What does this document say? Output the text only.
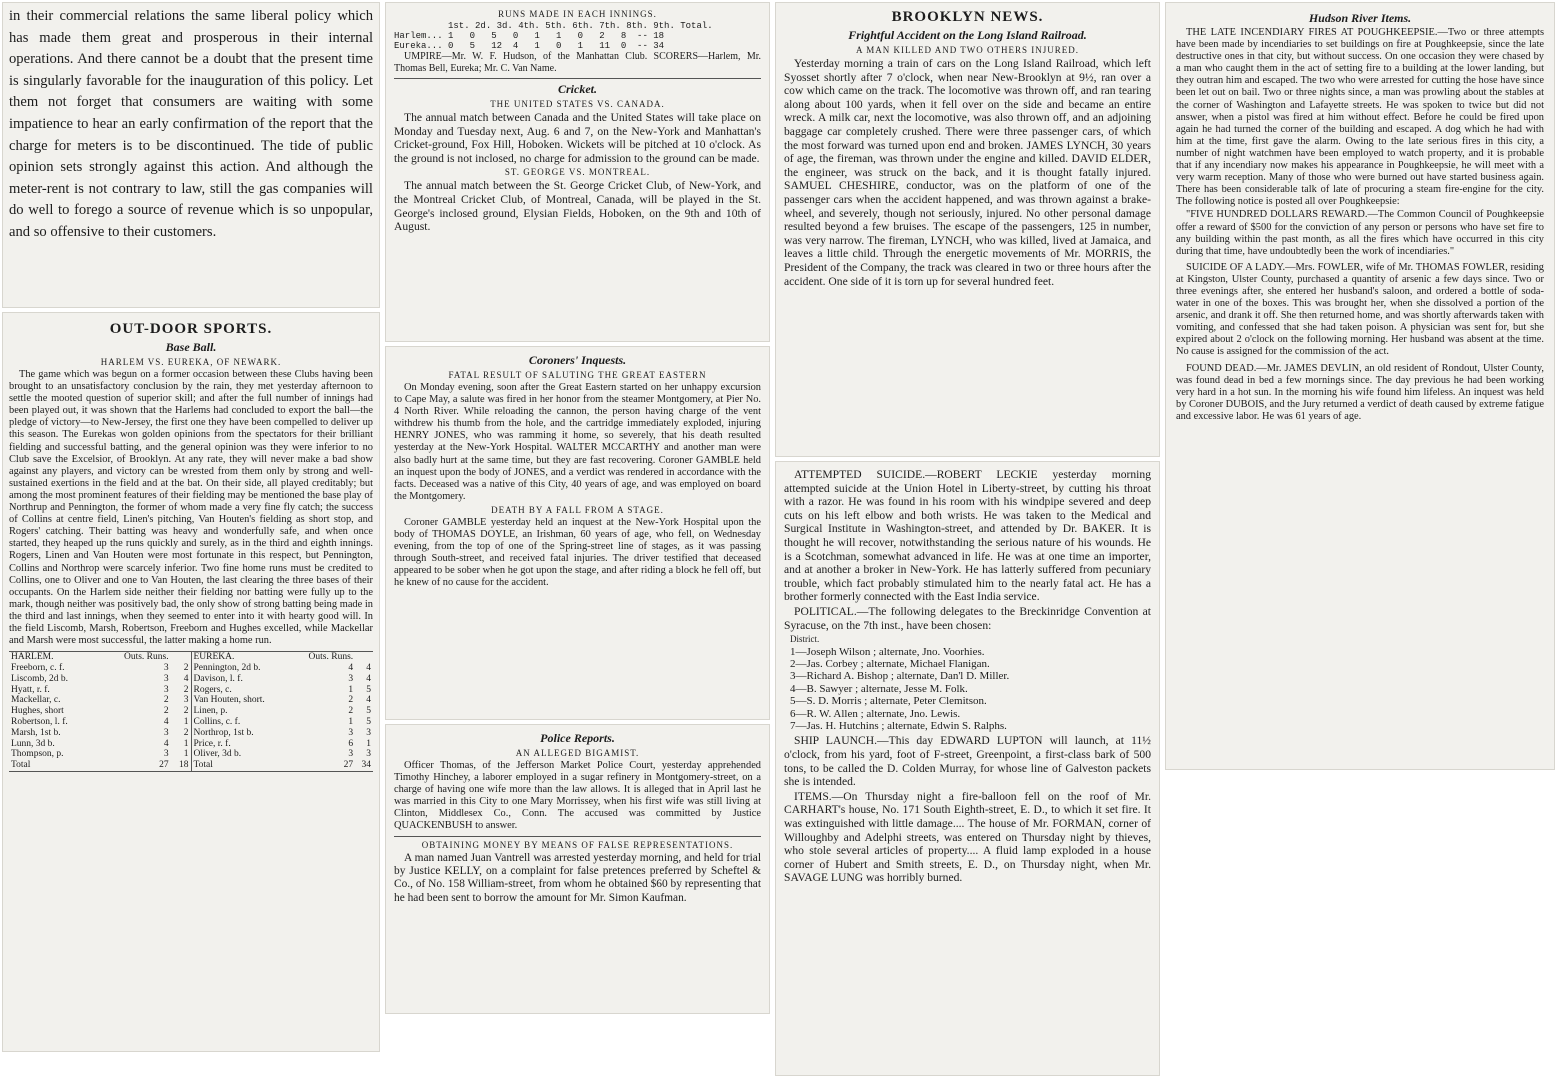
in their commercial relations the same liberal policy which has made them great and prosperous in their internal operations. And there cannot be a doubt that the present time is singularly favorable for the inauguration of this policy. Let them not forget that consumers are waiting with some impatience to hear an early confirmation of the report that the charge for meters is to be discontinued. The tide of public opinion sets strongly against this action. And although the meter-rent is not contrary to law, still the gas companies will do well to forego a source of revenue which is so unpopular, and so offensive to their customers.

OUT-DOOR SPORTS.
Base Ball.
HARLEM VS. EUREKA, OF NEWARK.

The game which was begun on a former occasion between these Clubs having been brought to an unsatisfactory conclusion by the rain, they met yesterday afternoon to settle the mooted question of superior skill; and after the full number of innings had been played out, it was shown that the Harlems had concluded to export the ball—the pledge of victory—to New-Jersey, the first one they have been compelled to deliver up this season. The Eurekas won golden opinions from the spectators for their brilliant fielding and successful batting, and the general opinion was they were inferior to no Club save the Excelsior, of Brooklyn. At any rate, they will never make a bad show against any players, and victory can be wrested from them only by strong and well-sustained exertions in the field and at the bat. On their side, all played creditably; but among the most prominent features of their fielding may be mentioned the base play of Northrup and Pennington, the former of whom made a very fine fly catch; the success of Collins at centre field, Linen's pitching, Van Houten's fielding as short stop, and Rogers' catching. Their batting was heavy and wonderfully safe, and when once started, they heaped up the runs quickly and surely, as in the third and eighth innings. Rogers, Linen and Van Houten were most fortunate in this respect, but Pennington, Collins and Northrop were scarcely inferior. Two fine home runs must be credited to Collins, one to Oliver and one to Van Houten, the last clearing the three bases of their occupants. On the Harlem side neither their fielding nor batting were fully up to the mark, though neither was positively bad, the only show of strong batting being made in the third and last innings, when they seemed to enter into it with hearty good will. In the field Liscomb, Marsh, Robertson, Freeborn and Hughes excelled, while Mackellar and Marsh were most successful, the latter making a home run.

HARLEM.	Outs. Runs.	
Freeborn, c. f.	3	2
Liscomb, 2d b.	3	4
Hyatt, r. f.	3	2
Mackellar, c.	2	3
Hughes, short	2	2
Robertson, l. f.	4	1
Marsh, 1st b.	3	2
Lunn, 3d b.	4	1
Thompson, p.	3	1
Total	27	18
EUREKA.	Outs. Runs.	
Pennington, 2d b.	4	4
Davison, l. f.	3	4
Rogers, c.	1	5
Van Houten, short.	2	4
Linen, p.	2	5
Collins, c. f.	1	5
Northrop, 1st b.	3	3
Price, r. f.	6	1
Oliver, 3d b.	3	3
Total	27	34
RUNS MADE IN EACH INNINGS.
1st. 2d. 3d. 4th. 5th. 6th. 7th. 8th. 9th. Total.
Harlem... 1   0   5   0   1   1   0   2   8  -- 18
Eureka... 0   5   12  4   1   0   1   11  0  -- 34

UMPIRE—Mr. W. F. Hudson, of the Manhattan Club. SCORERS—Harlem, Mr. Thomas Bell, Eureka; Mr. C. Van Name.

Cricket.
THE UNITED STATES VS. CANADA.

The annual match between Canada and the United States will take place on Monday and Tuesday next, Aug. 6 and 7, on the New-York and Manhattan's Cricket-ground, Fox Hill, Hoboken. Wickets will be pitched at 10 o'clock. As the ground is not inclosed, no charge for admission to the ground can be made.

ST. GEORGE VS. MONTREAL.

The annual match between the St. George Cricket Club, of New-York, and the Montreal Cricket Club, of Montreal, Canada, will be played in the St. George's inclosed ground, Elysian Fields, Hoboken, on the 9th and 10th of August.

Coroners' Inquests.
FATAL RESULT OF SALUTING THE GREAT EASTERN

On Monday evening, soon after the Great Eastern started on her unhappy excursion to Cape May, a salute was fired in her honor from the steamer Montgomery, at Pier No. 4 North River. While reloading the cannon, the person having charge of the vent withdrew his thumb from the hole, and the cartridge immediately exploded, injuring HENRY JONES, who was ramming it home, so severely, that his death resulted yesterday at the New-York Hospital. WALTER MCCARTHY and another man were also badly hurt at the same time, but they are fast recovering. Coroner GAMBLE held an inquest upon the body of JONES, and a verdict was rendered in accordance with the facts. Deceased was a native of this City, 40 years of age, and was employed on board the Montgomery.

DEATH BY A FALL FROM A STAGE.

Coroner GAMBLE yesterday held an inquest at the New-York Hospital upon the body of THOMAS DOYLE, an Irishman, 60 years of age, who fell, on Wednesday evening, from the top of one of the Spring-street line of stages, as it was passing through South-street, and received fatal injuries. The driver testified that deceased appeared to be sober when he got upon the stage, and after riding a block he fell off, but he knew of no cause for the accident.

Police Reports.
AN ALLEGED BIGAMIST.

Officer Thomas, of the Jefferson Market Police Court, yesterday apprehended Timothy Hinchey, a laborer employed in a sugar refinery in Montgomery-street, on a charge of having one wife more than the law allows. It is alleged that in April last he was married in this City to one Mary Morrissey, when his first wife was still living at Clinton, Middlesex Co., Conn. The accused was committed by Justice QUACKENBUSH to answer.

OBTAINING MONEY BY MEANS OF FALSE REPRESENTATIONS.

A man named Juan Vantrell was arrested yesterday morning, and held for trial by Justice KELLY, on a complaint for false pretences preferred by Scheftel & Co., of No. 158 William-street, from whom he obtained $60 by representing that he had been sent to borrow the amount for Mr. Simon Kaufman.

BROOKLYN NEWS.
Frightful Accident on the Long Island Railroad.
A MAN KILLED AND TWO OTHERS INJURED.

Yesterday morning a train of cars on the Long Island Railroad, which left Syosset shortly after 7 o'clock, when near New-Brooklyn at 9½, ran over a cow which came on the track. The locomotive was thrown off, and ran tearing along about 100 yards, when it fell over on the side and became an entire wreck. A milk car, next the locomotive, was also thrown off, and an adjoining baggage car completely crushed. There were three passenger cars, of which the most forward was turned upon end and broken. JAMES LYNCH, 30 years of age, the fireman, was thrown under the engine and killed. DAVID ELDER, the engineer, was struck on the back, and it is thought fatally injured. SAMUEL CHESHIRE, conductor, was on the platform of one of the passenger cars when the accident happened, and was thrown against a brake-wheel, and severely, though not seriously, injured. No other personal damage resulted beyond a few bruises. The escape of the passengers, 125 in number, was very narrow. The fireman, LYNCH, who was killed, lived at Jamaica, and leaves a little child. Through the energetic movements of Mr. MORRIS, the President of the Company, the track was cleared in two or three hours after the accident. One side of it is torn up for several hundred feet.

ATTEMPTED SUICIDE.—ROBERT LECKIE yesterday morning attempted suicide at the Union Hotel in Liberty-street, by cutting his throat with a razor. He was found in his room with his windpipe severed and deep cuts on his left elbow and both wrists. He was taken to the Medical and Surgical Institute in Washington-street, and attended by Dr. BAKER. It is thought he will recover, notwithstanding the serious nature of his wounds. He is a Scotchman, somewhat advanced in life. He was at one time an importer, and at another a broker in New-York. He has latterly suffered from pecuniary trouble, which fact probably stimulated him to the nearly fatal act. He has a brother formerly connected with the East India service.

POLITICAL.—The following delegates to the Breckinridge Convention at Syracuse, on the 7th inst., have been chosen:

District.
1—Joseph Wilson ; alternate, Jno. Voorhies.
2—Jas. Corbey ; alternate, Michael Flanigan.
3—Richard A. Bishop ; alternate, Dan'l D. Miller.
4—B. Sawyer ; alternate, Jesse M. Folk.
5—S. D. Morris ; alternate, Peter Clemitson.
6—R. W. Allen ; alternate, Jno. Lewis.
7—Jas. H. Hutchins ; alternate, Edwin S. Ralphs.

SHIP LAUNCH.—This day EDWARD LUPTON will launch, at 11½ o'clock, from his yard, foot of F-street, Greenpoint, a first-class bark of 500 tons, to be called the D. Colden Murray, for whose line of Galveston packets she is intended.

ITEMS.—On Thursday night a fire-balloon fell on the roof of Mr. CARHART's house, No. 171 South Eighth-street, E. D., to which it set fire. It was extinguished with little damage.... The house of Mr. FORMAN, corner of Willoughby and Adelphi streets, was entered on Thursday night by thieves, who stole several articles of property.... A fluid lamp exploded in a house corner of Hubert and Smith streets, E. D., on Thursday night, when Mr. SAVAGE LUNG was horribly burned.

Hudson River Items.

THE LATE INCENDIARY FIRES AT POUGHKEEPSIE.—Two or three attempts have been made by incendiaries to set buildings on fire at Poughkeepsie, since the late destructive ones in that city, but without success. On one occasion they were chased by a man who caught them in the act of setting fire to a building at the lower landing, but they outran him and escaped. The two who were arrested for cutting the hose have since been let out on bail. Two or three nights since, a man was prowling about the stables at the corner of Washington and Lafayette streets. He was spoken to twice but did not answer, when a pistol was fired at him without effect. Before he could be fired upon again he had turned the corner of the building and escaped. A dog which he had with him at the time, first gave the alarm. Owing to the late serious fires in this city, a number of night watchmen have been employed to watch property, and it is probable that if any incendiary now makes his appearance in Poughkeepsie, he will meet with a very warm reception. Many of those who were burned out have started business again. There has been considerable talk of late of procuring a steam fire-engine for the city. The following notice is posted all over Poughkeepsie:

"FIVE HUNDRED DOLLARS REWARD.—The Common Council of Poughkeepsie offer a reward of $500 for the conviction of any person or persons who have set fire to any building within the past month, as all the fires which have occurred in this city during that time, have undoubtedly been the work of incendiaries."

SUICIDE OF A LADY.—Mrs. FOWLER, wife of Mr. THOMAS FOWLER, residing at Kingston, Ulster County, purchased a quantity of arsenic a few days since. Two or three evenings after, she entered her husband's saloon, and ordered a bottle of soda-water in one of the boxes. This was brought her, when she dissolved a portion of the arsenic, and drank it off. She then returned home, and was shortly afterwards taken with vomiting, and confessed that she had taken poison. A physician was sent for, but she expired about 2 o'clock on the following morning. Her husband was absent at the time. No cause is assigned for the commission of the act.

FOUND DEAD.—Mr. JAMES DEVLIN, an old resident of Rondout, Ulster County, was found dead in bed a few mornings since. The day previous he had been working very hard in a hot sun. In the morning his wife found him lifeless. An inquest was held by Coroner DUBOIS, and the Jury returned a verdict of death caused by extreme fatigue and excessive labor. He was 61 years of age.
